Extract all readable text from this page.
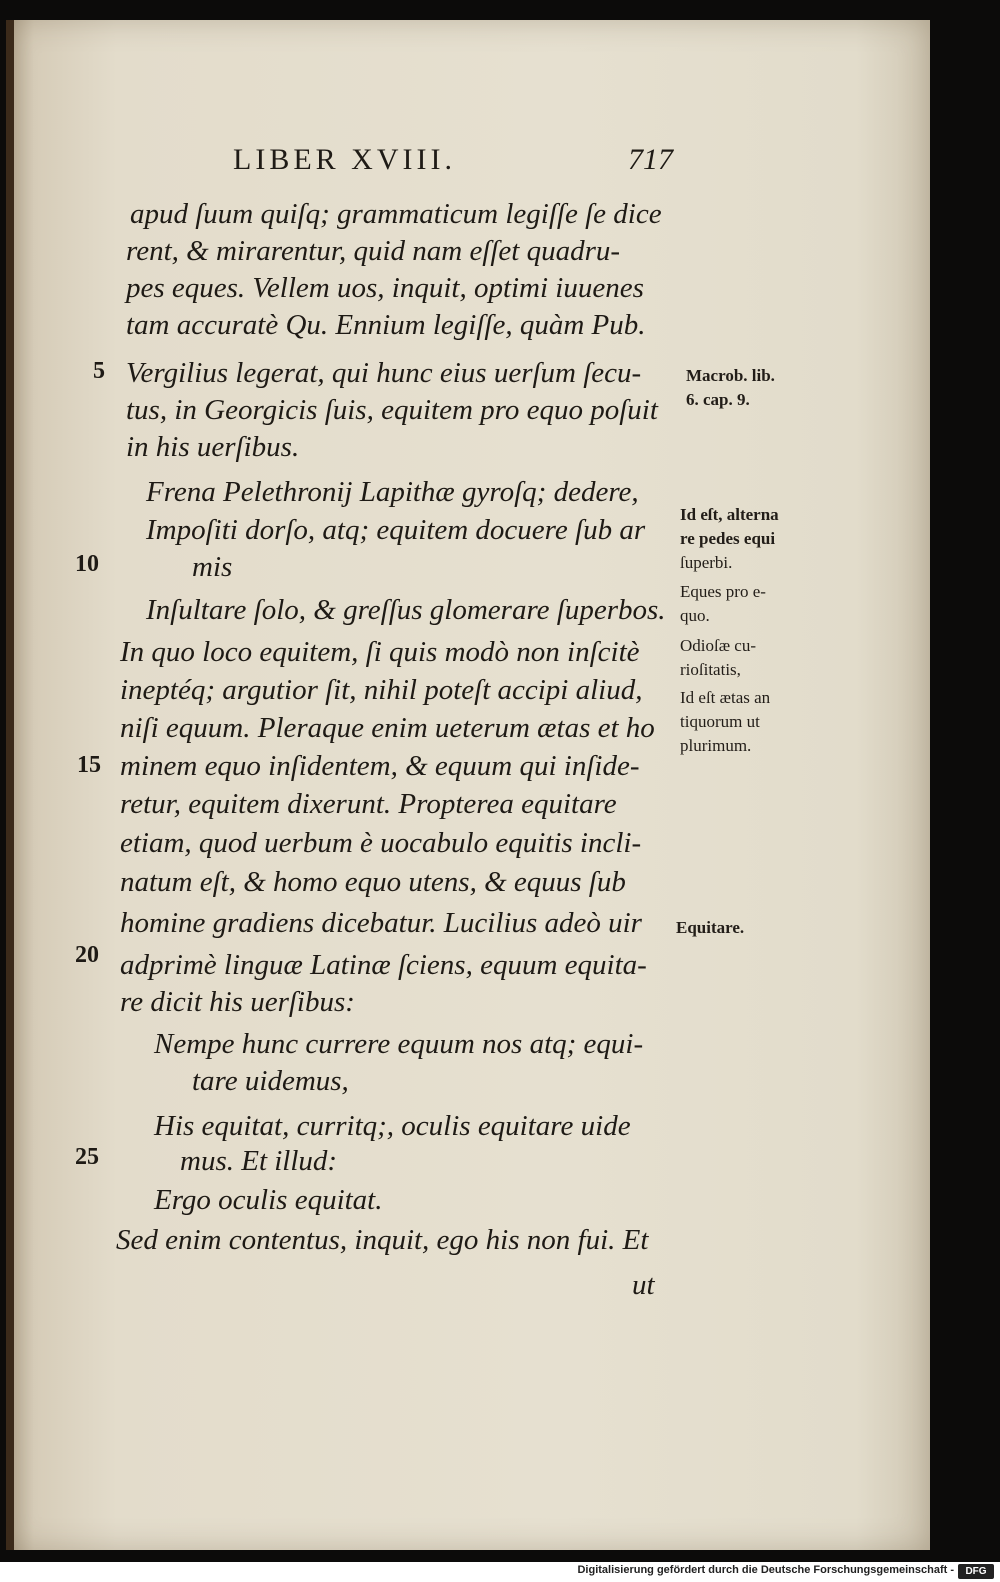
LIBER XVIII.	717
apud ſuum quiſq; grammaticum legiſſe ſe dice
rent, & mirarentur, quid nam eſſet quadru-
pes eques. Vellem uos, inquit, optimi iuuenes
tam accuratè Qu. Ennium legiſſe, quàm Pub.
Vergilius legerat, qui hunc eius uerſum ſecu-
tus, in Georgicis ſuis, equitem pro equo poſuit
in his uerſibus.
Frena Pelethronij Lapithæ gyroſq; dedere,
Impoſiti dorſo, atq; equitem docuere ſub ar
mis
Inſultare ſolo, & greſſus glomerare ſuperbos.
In quo loco equitem, ſi quis modò non inſcitè
ineptéq; argutior ſit, nihil poteſt accipi aliud,
niſi equum. Pleraque enim ueterum ætas et ho
minem equo inſidentem, & equum qui inſide-
retur, equitem dixerunt. Propterea equitare
etiam, quod uerbum è uocabulo equitis incli-
natum eſt, & homo equo utens, & equus ſub
homine gradiens dicebatur. Lucilius adeò uir
adprimè linguæ Latinæ ſciens, equum equita-
re dicit his uerſibus:
Nempe hunc currere equum nos atq; equi-
tare uidemus,
His equitat, curritq;, oculis equitare uide
mus. Et illud:
Ergo oculis equitat.
Sed enim contentus, inquit, ego his non fui. Et
ut
5
10
15
20
25
Macrob. lib.
6. cap. 9.
Id eſt, alterna
re pedes equi
ſuperbi.
Eques pro e-
quo.
Odioſæ cu-
rioſitatis,
Id eſt ætas an
tiquorum ut
plurimum.
Equitare.
Digitalisierung gefördert durch die Deutsche Forschungsgemeinschaft -	DFG
